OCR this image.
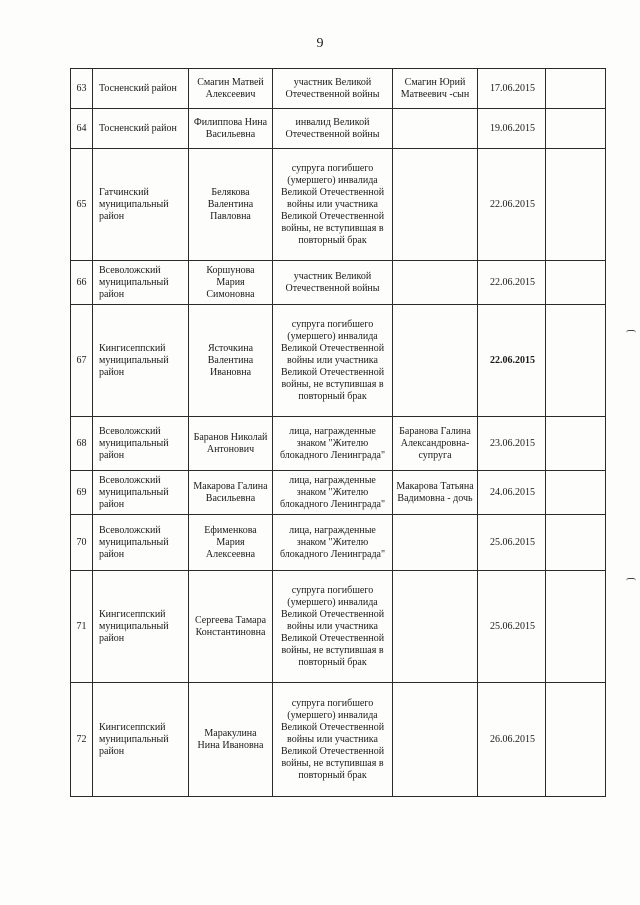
9
63	Тосненский район	Смагин Матвей Алексеевич	участник Великой Отечественной войны	Смагин Юрий Матвеевич -сын	17.06.2015	
64	Тосненский район	Филиппова Нина Васильевна	инвалид Великой Отечественной войны		19.06.2015	
65	Гатчинский муниципальный район	Белякова Валентина Павловна	супруга погибшего (умершего) инвалида Великой Отечественной войны или участника Великой Отечественной войны, не вступившая в повторный брак		22.06.2015	
66	Всеволожский муниципальный район	Коршунова Мария Симоновна	участник Великой Отечественной войны		22.06.2015	
67	Кингисеппский муниципальный район	Ясточкина Валентина Ивановна	супруга погибшего (умершего) инвалида Великой Отечественной войны или участника Великой Отечественной войны, не вступившая в повторный брак		22.06.2015	
68	Всеволожский муниципальный район	Баранов Николай Антонович	лица, награжденные знаком "Жителю блокадного Ленинграда"	Баранова Галина Александровна-супруга	23.06.2015	
69	Всеволожский муниципальный район	Макарова Галина Васильевна	лица, награжденные знаком "Жителю блокадного Ленинграда"	Макарова Татьяна Вадимовна - дочь	24.06.2015	
70	Всеволожский муниципальный район	Ефименкова Мария Алексеевна	лица, награжденные знаком "Жителю блокадного Ленинграда"		25.06.2015	
71	Кингисеппский муниципальный район	Сергеева Тамара Константиновна	супруга погибшего (умершего) инвалида Великой Отечественной войны или участника Великой Отечественной войны, не вступившая в повторный брак		25.06.2015	
72	Кингисеппский муниципальный район	Маракулина Нина Ивановна	супруга погибшего (умершего) инвалида Великой Отечественной войны или участника Великой Отечественной войны, не вступившая в повторный брак		26.06.2015	
